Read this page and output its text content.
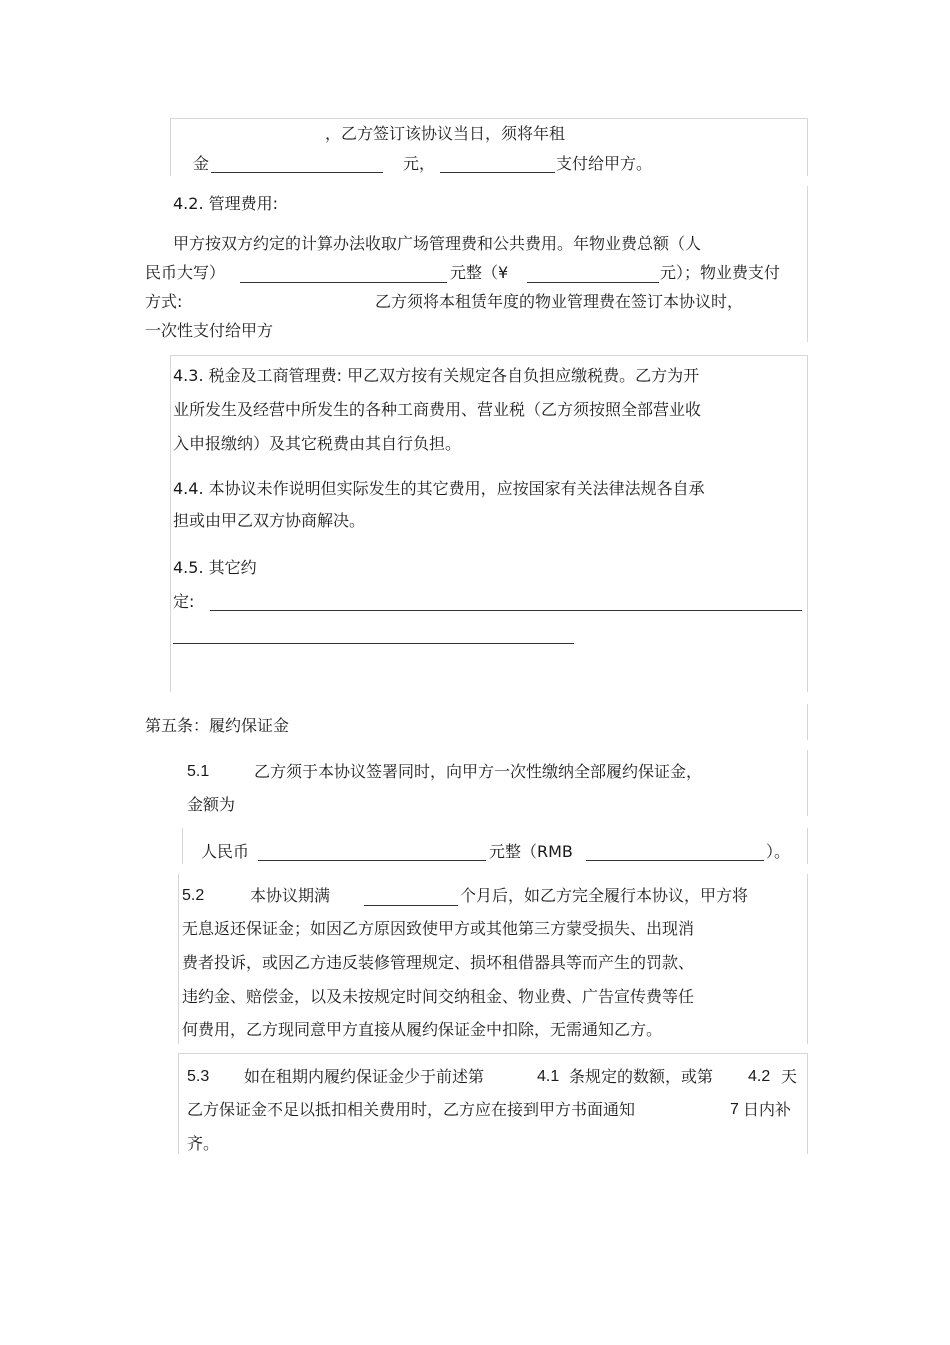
，乙方签订该协议当日，须将年租
金	元，	支付给甲方。
4.2. 管理费用:
甲方按双方约定的计算办法收取广场管理费和公共费用。年物业费总额（人
民币大写）	元整（¥	元）；物业费支付
方式:	乙方须将本租赁年度的物业管理费在签订本协议时，
一次性支付给甲方
4.3. 税金及工商管理费: 甲乙双方按有关规定各自负担应缴税费。乙方为开
业所发生及经营中所发生的各种工商费用、营业税（乙方须按照全部营业收
入申报缴纳）及其它税费由其自行负担。
4.4. 本协议未作说明但实际发生的其它费用，应按国家有关法律法规各自承
担或由甲乙双方协商解决。
4.5. 其它约
定:
第五条：履约保证金
5.1	乙方须于本协议签署同时，向甲方一次性缴纳全部履约保证金，
金额为
人民币	元整（RMB	）。
5.2	本协议期满	个月后，如乙方完全履行本协议，甲方将
无息返还保证金；如因乙方原因致使甲方或其他第三方蒙受损失、出现消
费者投诉，或因乙方违反装修管理规定、损坏租借器具等而产生的罚款、
违约金、赔偿金，以及未按规定时间交纳租金、物业费、广告宣传费等任
何费用，乙方现同意甲方直接从履约保证金中扣除，无需通知乙方。
5.3 如在租期内履约保证金少于前述第	4.1 条规定的数额，或第 4.2 天
乙方保证金不足以抵扣相关费用时，乙方应在接到甲方书面通知	7 日内补
齐。
